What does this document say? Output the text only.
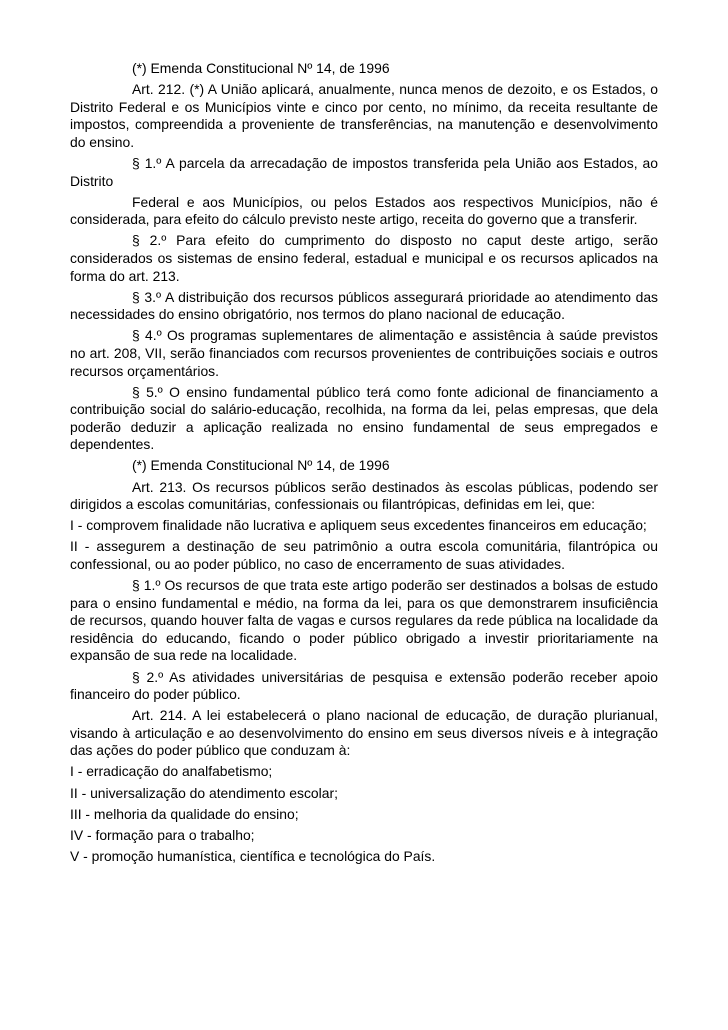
(*) Emenda Constitucional Nº 14, de 1996

Art. 212. (*) A União aplicará, anualmente, nunca menos de dezoito, e os Estados, o Distrito Federal e os Municípios vinte e cinco por cento, no mínimo, da receita resultante de impostos, compreendida a proveniente de transferências, na manutenção e desenvolvimento do ensino.

§ 1.º A parcela da arrecadação de impostos transferida pela União aos Estados, ao Distrito

Federal e aos Municípios, ou pelos Estados aos respectivos Municípios, não é considerada, para efeito do cálculo previsto neste artigo, receita do governo que a transferir.

§ 2.º Para efeito do cumprimento do disposto no caput deste artigo, serão considerados os sistemas de ensino federal, estadual e municipal e os recursos aplicados na forma do art. 213.

§ 3.º A distribuição dos recursos públicos assegurará prioridade ao atendimento das necessidades do ensino obrigatório, nos termos do plano nacional de educação.

§ 4.º Os programas suplementares de alimentação e assistência à saúde previstos no art. 208, VII, serão financiados com recursos provenientes de contribuições sociais e outros recursos orçamentários.

§ 5.º O ensino fundamental público terá como fonte adicional de financiamento a contribuição social do salário-educação, recolhida, na forma da lei, pelas empresas, que dela poderão deduzir a aplicação realizada no ensino fundamental de seus empregados e dependentes.

(*) Emenda Constitucional Nº 14, de 1996

Art. 213. Os recursos públicos serão destinados às escolas públicas, podendo ser dirigidos a escolas comunitárias, confessionais ou filantrópicas, definidas em lei, que:

I - comprovem finalidade não lucrativa e apliquem seus excedentes financeiros em educação;

II - assegurem a destinação de seu patrimônio a outra escola comunitária, filantrópica ou confessional, ou ao poder público, no caso de encerramento de suas atividades.

§ 1.º Os recursos de que trata este artigo poderão ser destinados a bolsas de estudo para o ensino fundamental e médio, na forma da lei, para os que demonstrarem insuficiência de recursos, quando houver falta de vagas e cursos regulares da rede pública na localidade da residência do educando, ficando o poder público obrigado a investir prioritariamente na expansão de sua rede na localidade.

§ 2.º As atividades universitárias de pesquisa e extensão poderão receber apoio financeiro do poder público.

Art. 214. A lei estabelecerá o plano nacional de educação, de duração plurianual, visando à articulação e ao desenvolvimento do ensino em seus diversos níveis e à integração das ações do poder público que conduzam à:

I - erradicação do analfabetismo;

II - universalização do atendimento escolar;

III - melhoria da qualidade do ensino;

IV - formação para o trabalho;

V - promoção humanística, científica e tecnológica do País.
